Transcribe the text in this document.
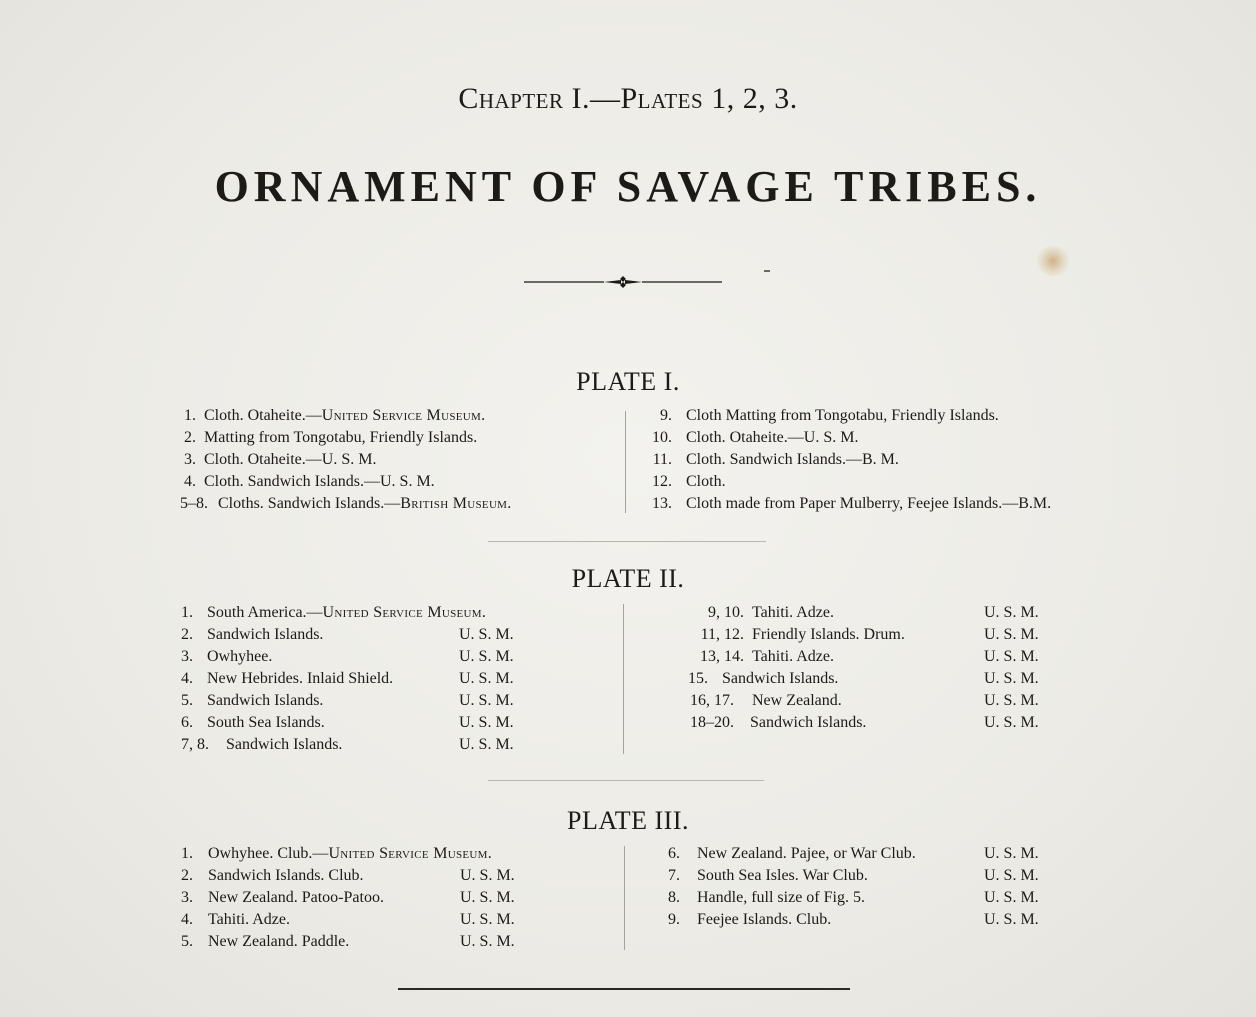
Chapter I.—Plates 1, 2, 3.
ORNAMENT OF SAVAGE TRIBES.
PLATE I.
1. Cloth. Otaheite.—United Service Museum.
2. Matting from Tongotabu, Friendly Islands.
3. Cloth. Otaheite.—U. S. M.
4. Cloth. Sandwich Islands.—U. S. M.
5–8. Cloths. Sandwich Islands.—British Museum.
9. Cloth Matting from Tongotabu, Friendly Islands.
10. Cloth. Otaheite.—U. S. M.
11. Cloth. Sandwich Islands.—B. M.
12. Cloth.
13. Cloth made from Paper Mulberry, Feejee Islands.—B.M.
PLATE II.
1. South America.—United Service Museum.
2. Sandwich Islands.	U. S. M.
3. Owhyhee.	U. S. M.
4. New Hebrides. Inlaid Shield.	U. S. M.
5. Sandwich Islands.	U. S. M.
6. South Sea Islands.	U. S. M.
7, 8. Sandwich Islands.	U. S. M.
9, 10. Tahiti. Adze.	U. S. M.
11, 12. Friendly Islands. Drum.	U. S. M.
13, 14. Tahiti. Adze.	U. S. M.
15. Sandwich Islands.	U. S. M.
16, 17. New Zealand.	U. S. M.
18–20. Sandwich Islands.	U. S. M.
PLATE III.
1. Owhyhee. Club.—United Service Museum.
2. Sandwich Islands. Club.	U. S. M.
3. New Zealand. Patoo-Patoo.	U. S. M.
4. Tahiti. Adze.	U. S. M.
5. New Zealand. Paddle.	U. S. M.
6. New Zealand. Pajee, or War Club.	U. S. M.
7. South Sea Isles. War Club.	U. S. M.
8. Handle, full size of Fig. 5.	U. S. M.
9. Feejee Islands. Club.	U. S. M.
